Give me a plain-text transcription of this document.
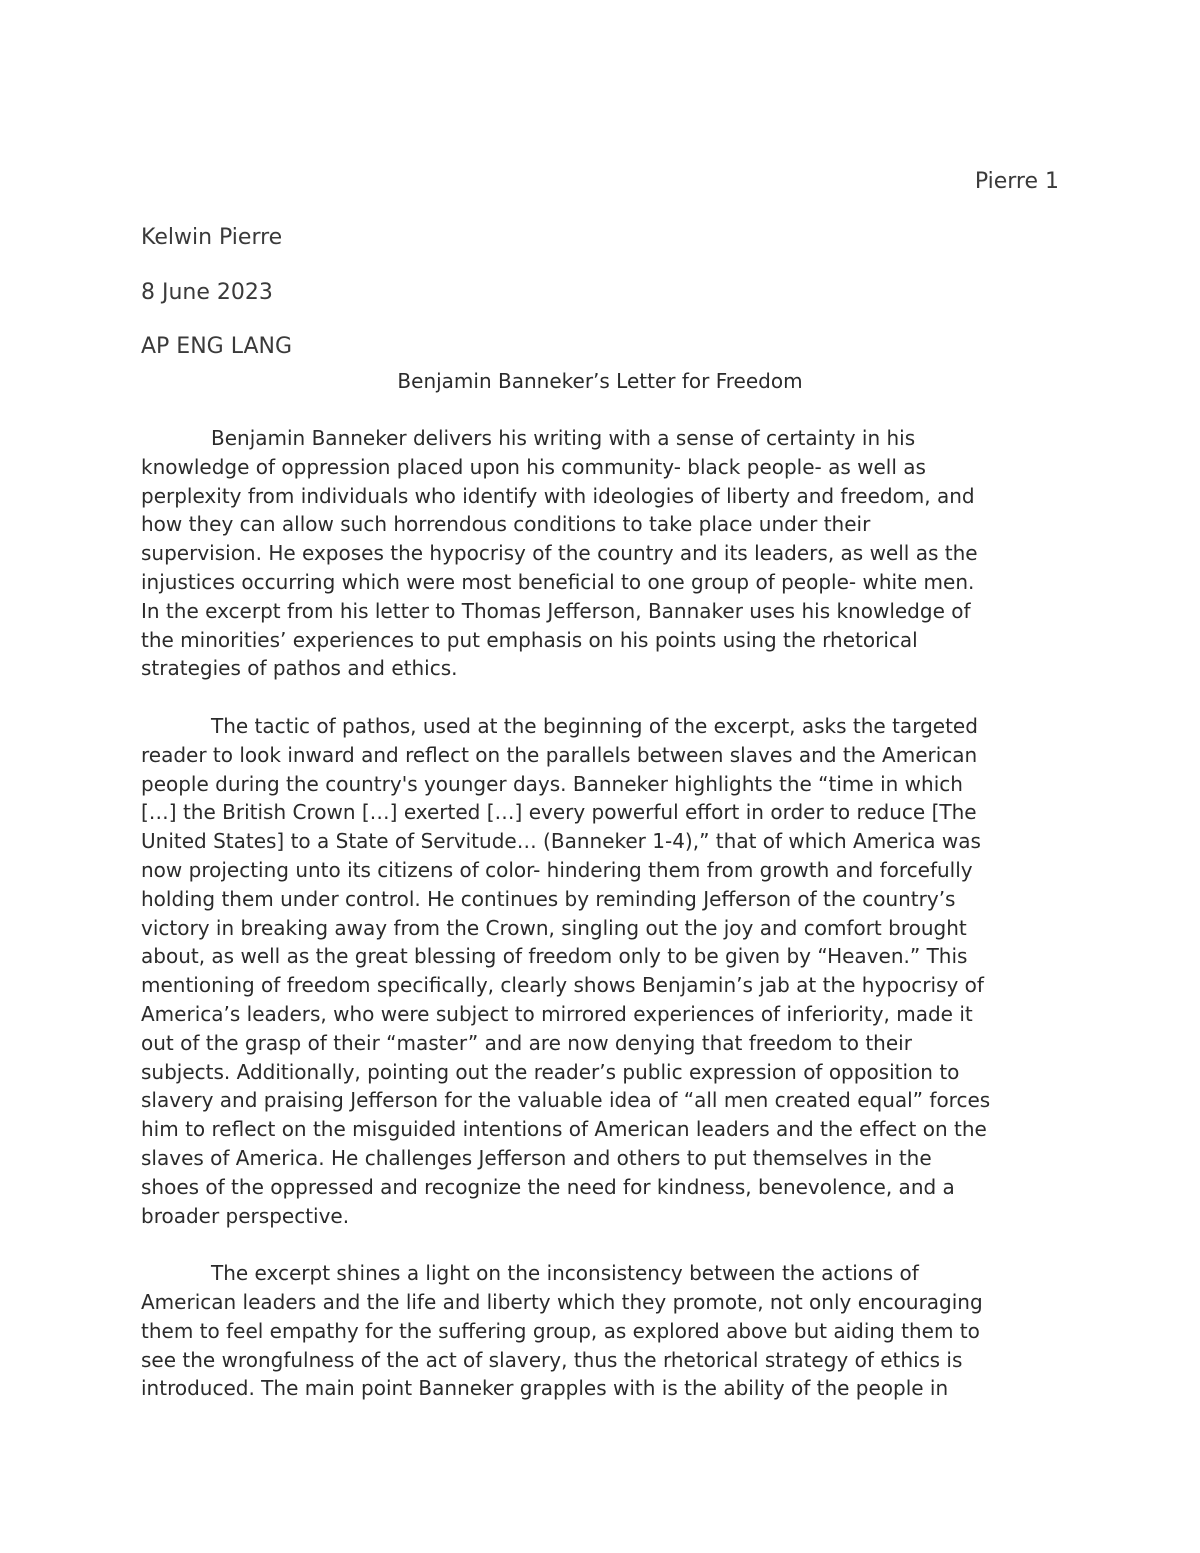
Pierre 1
Kelwin Pierre
8 June 2023
AP ENG LANG
Benjamin Banneker’s Letter for Freedom
Benjamin Banneker delivers his writing with a sense of certainty in his
knowledge of oppression placed upon his community- black people- as well as
perplexity from individuals who identify with ideologies of liberty and freedom, and
how they can allow such horrendous conditions to take place under their
supervision. He exposes the hypocrisy of the country and its leaders, as well as the
injustices occurring which were most beneficial to one group of people- white men.
In the excerpt from his letter to Thomas Jefferson, Bannaker uses his knowledge of
the minorities’ experiences to put emphasis on his points using the rhetorical
strategies of pathos and ethics.
The tactic of pathos, used at the beginning of the excerpt, asks the targeted
reader to look inward and reflect on the parallels between slaves and the American
people during the country's younger days. Banneker highlights the “time in which
[…] the British Crown […] exerted […] every powerful effort in order to reduce [The
United States] to a State of Servitude… (Banneker 1-4),” that of which America was
now projecting unto its citizens of color- hindering them from growth and forcefully
holding them under control. He continues by reminding Jefferson of the country’s
victory in breaking away from the Crown, singling out the joy and comfort brought
about, as well as the great blessing of freedom only to be given by “Heaven.” This
mentioning of freedom specifically, clearly shows Benjamin’s jab at the hypocrisy of
America’s leaders, who were subject to mirrored experiences of inferiority, made it
out of the grasp of their “master” and are now denying that freedom to their
subjects. Additionally, pointing out the reader’s public expression of opposition to
slavery and praising Jefferson for the valuable idea of “all men created equal” forces
him to reflect on the misguided intentions of American leaders and the effect on the
slaves of America. He challenges Jefferson and others to put themselves in the
shoes of the oppressed and recognize the need for kindness, benevolence, and a
broader perspective.
The excerpt shines a light on the inconsistency between the actions of
American leaders and the life and liberty which they promote, not only encouraging
them to feel empathy for the suffering group, as explored above but aiding them to
see the wrongfulness of the act of slavery, thus the rhetorical strategy of ethics is
introduced. The main point Banneker grapples with is the ability of the people in
